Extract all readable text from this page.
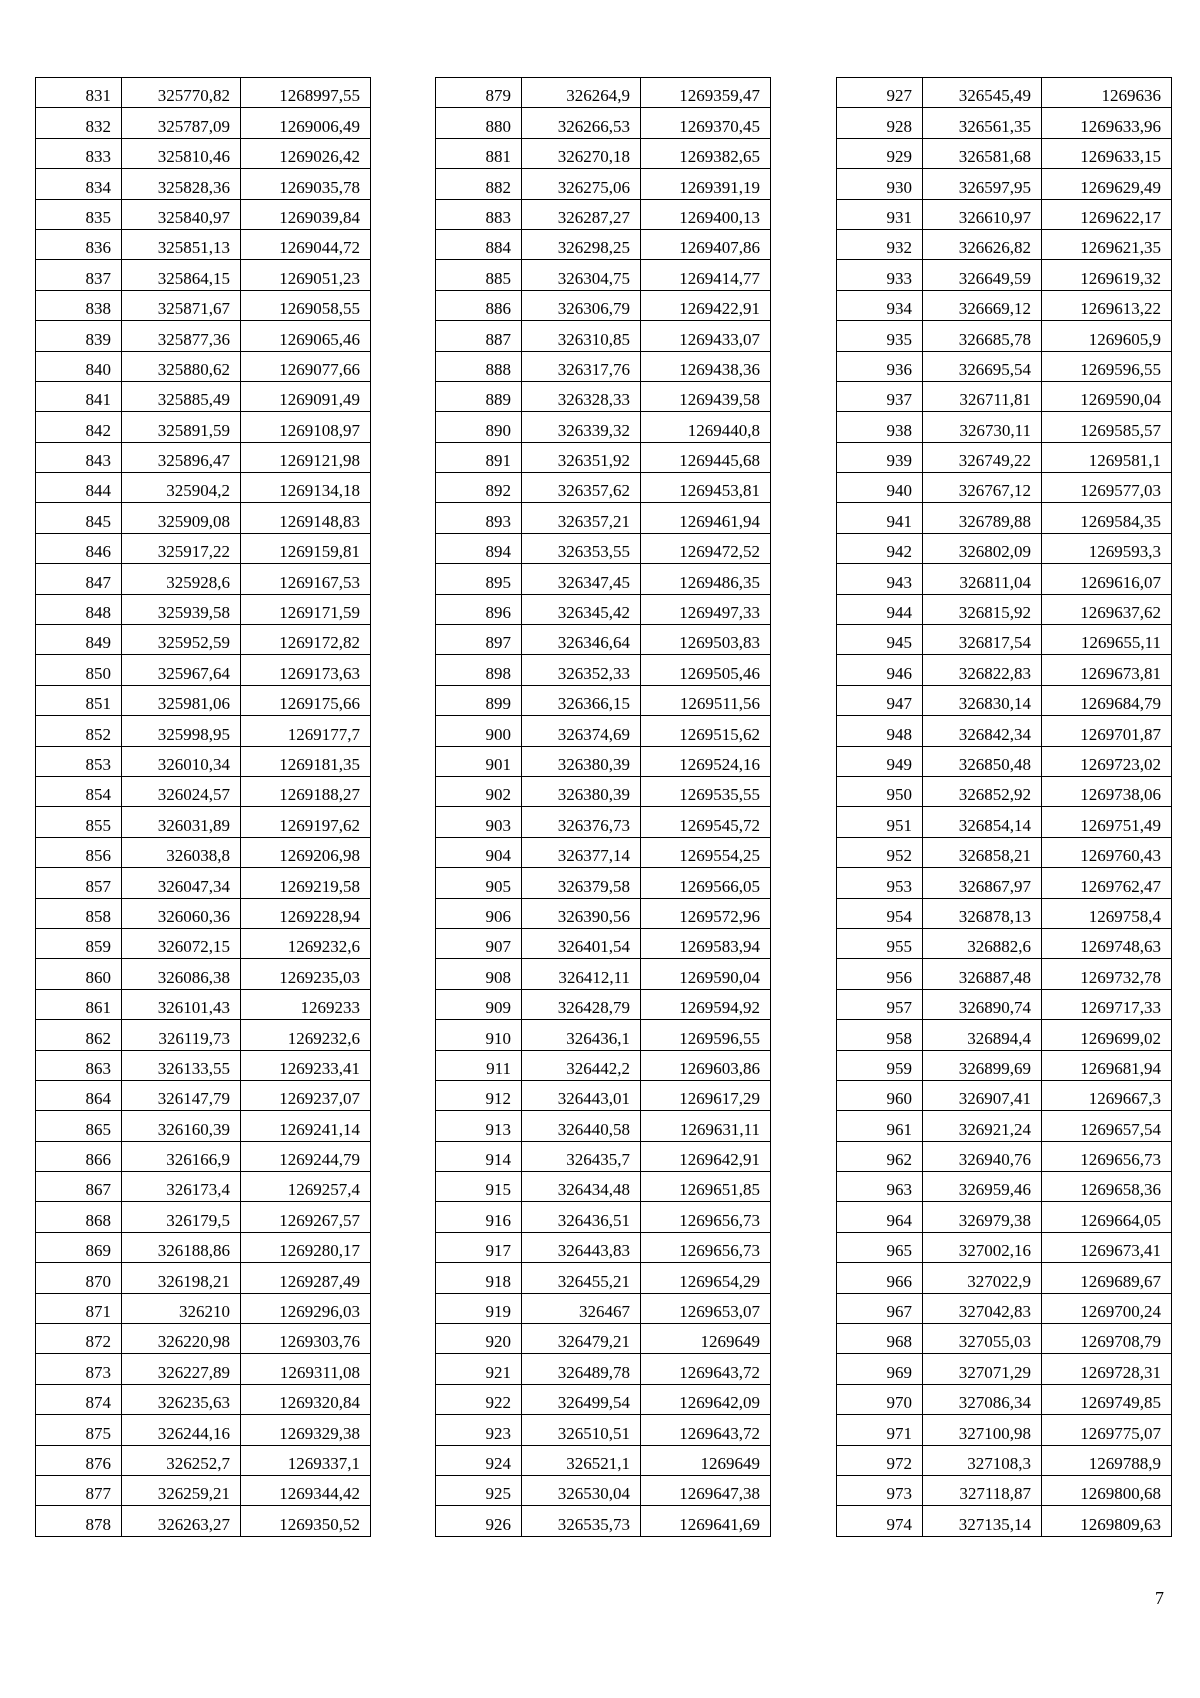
831	325770,82	1268997,55
832	325787,09	1269006,49
833	325810,46	1269026,42
834	325828,36	1269035,78
835	325840,97	1269039,84
836	325851,13	1269044,72
837	325864,15	1269051,23
838	325871,67	1269058,55
839	325877,36	1269065,46
840	325880,62	1269077,66
841	325885,49	1269091,49
842	325891,59	1269108,97
843	325896,47	1269121,98
844	325904,2	1269134,18
845	325909,08	1269148,83
846	325917,22	1269159,81
847	325928,6	1269167,53
848	325939,58	1269171,59
849	325952,59	1269172,82
850	325967,64	1269173,63
851	325981,06	1269175,66
852	325998,95	1269177,7
853	326010,34	1269181,35
854	326024,57	1269188,27
855	326031,89	1269197,62
856	326038,8	1269206,98
857	326047,34	1269219,58
858	326060,36	1269228,94
859	326072,15	1269232,6
860	326086,38	1269235,03
861	326101,43	1269233
862	326119,73	1269232,6
863	326133,55	1269233,41
864	326147,79	1269237,07
865	326160,39	1269241,14
866	326166,9	1269244,79
867	326173,4	1269257,4
868	326179,5	1269267,57
869	326188,86	1269280,17
870	326198,21	1269287,49
871	326210	1269296,03
872	326220,98	1269303,76
873	326227,89	1269311,08
874	326235,63	1269320,84
875	326244,16	1269329,38
876	326252,7	1269337,1
877	326259,21	1269344,42
878	326263,27	1269350,52
879	326264,9	1269359,47
880	326266,53	1269370,45
881	326270,18	1269382,65
882	326275,06	1269391,19
883	326287,27	1269400,13
884	326298,25	1269407,86
885	326304,75	1269414,77
886	326306,79	1269422,91
887	326310,85	1269433,07
888	326317,76	1269438,36
889	326328,33	1269439,58
890	326339,32	1269440,8
891	326351,92	1269445,68
892	326357,62	1269453,81
893	326357,21	1269461,94
894	326353,55	1269472,52
895	326347,45	1269486,35
896	326345,42	1269497,33
897	326346,64	1269503,83
898	326352,33	1269505,46
899	326366,15	1269511,56
900	326374,69	1269515,62
901	326380,39	1269524,16
902	326380,39	1269535,55
903	326376,73	1269545,72
904	326377,14	1269554,25
905	326379,58	1269566,05
906	326390,56	1269572,96
907	326401,54	1269583,94
908	326412,11	1269590,04
909	326428,79	1269594,92
910	326436,1	1269596,55
911	326442,2	1269603,86
912	326443,01	1269617,29
913	326440,58	1269631,11
914	326435,7	1269642,91
915	326434,48	1269651,85
916	326436,51	1269656,73
917	326443,83	1269656,73
918	326455,21	1269654,29
919	326467	1269653,07
920	326479,21	1269649
921	326489,78	1269643,72
922	326499,54	1269642,09
923	326510,51	1269643,72
924	326521,1	1269649
925	326530,04	1269647,38
926	326535,73	1269641,69
927	326545,49	1269636
928	326561,35	1269633,96
929	326581,68	1269633,15
930	326597,95	1269629,49
931	326610,97	1269622,17
932	326626,82	1269621,35
933	326649,59	1269619,32
934	326669,12	1269613,22
935	326685,78	1269605,9
936	326695,54	1269596,55
937	326711,81	1269590,04
938	326730,11	1269585,57
939	326749,22	1269581,1
940	326767,12	1269577,03
941	326789,88	1269584,35
942	326802,09	1269593,3
943	326811,04	1269616,07
944	326815,92	1269637,62
945	326817,54	1269655,11
946	326822,83	1269673,81
947	326830,14	1269684,79
948	326842,34	1269701,87
949	326850,48	1269723,02
950	326852,92	1269738,06
951	326854,14	1269751,49
952	326858,21	1269760,43
953	326867,97	1269762,47
954	326878,13	1269758,4
955	326882,6	1269748,63
956	326887,48	1269732,78
957	326890,74	1269717,33
958	326894,4	1269699,02
959	326899,69	1269681,94
960	326907,41	1269667,3
961	326921,24	1269657,54
962	326940,76	1269656,73
963	326959,46	1269658,36
964	326979,38	1269664,05
965	327002,16	1269673,41
966	327022,9	1269689,67
967	327042,83	1269700,24
968	327055,03	1269708,79
969	327071,29	1269728,31
970	327086,34	1269749,85
971	327100,98	1269775,07
972	327108,3	1269788,9
973	327118,87	1269800,68
974	327135,14	1269809,63
7
